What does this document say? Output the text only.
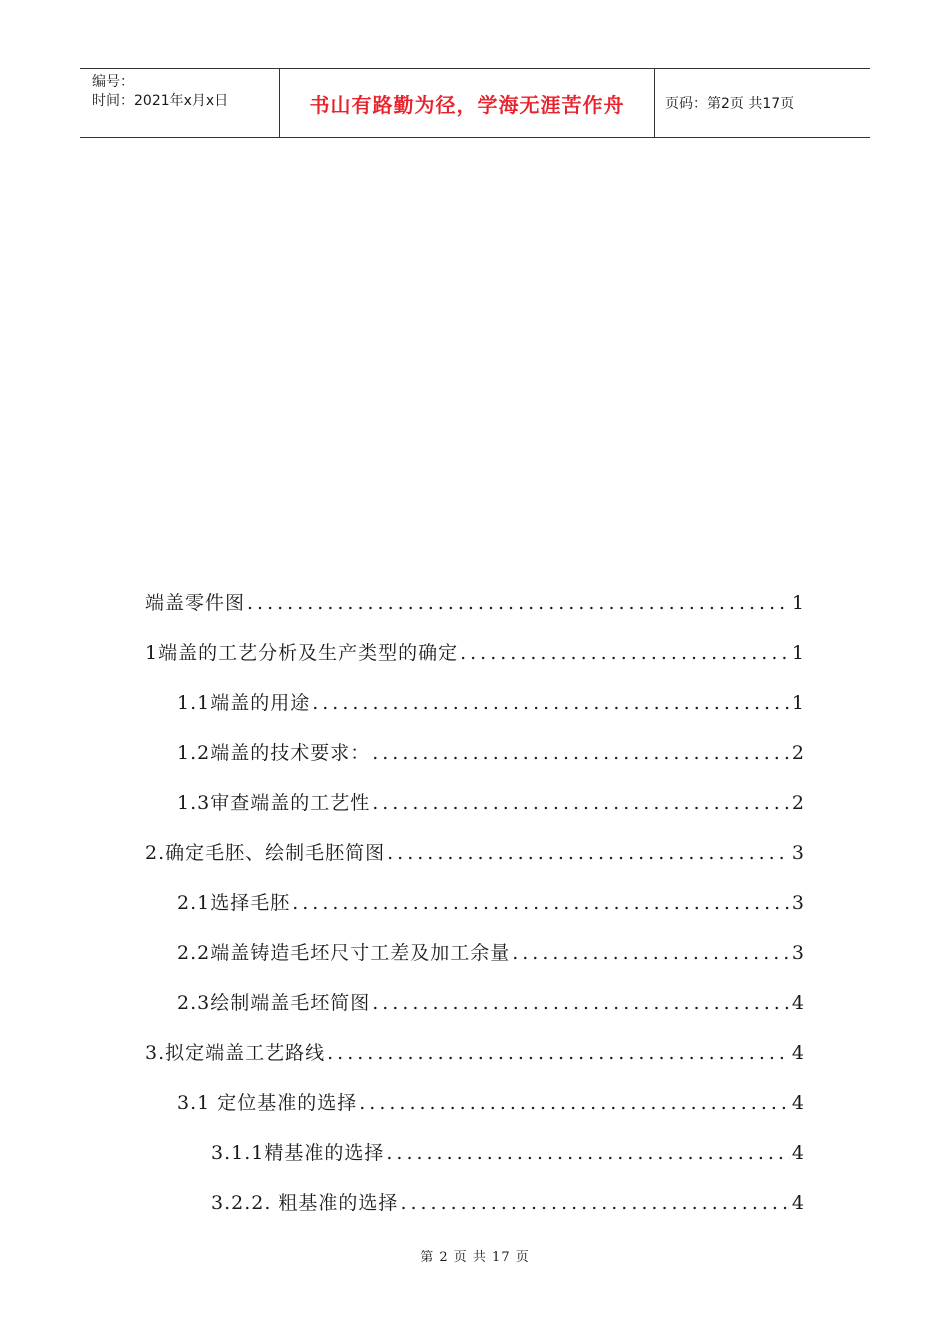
编号：
时间：2021年x月x日	书山有路勤为径，学海无涯苦作舟	页码：第2页 共17页
端盖零件图 .....	1
1端盖的工艺分析及生产类型的确定 .....	1
1.1端盖的用途 .....	1
1.2端盖的技术要求： .....	2
1.3审查端盖的工艺性 .....	2
2.确定毛胚、绘制毛胚简图 .....	3
2.1选择毛胚 .....	3
2.2端盖铸造毛坯尺寸工差及加工余量 .....	3
2.3绘制端盖毛坯简图 .....	4
3.拟定端盖工艺路线 .....	4
3.1 定位基准的选择 .....	4
3.1.1精基准的选择 .....	4
3.2.2. 粗基准的选择 .....	4
第 2 页 共 17 页
